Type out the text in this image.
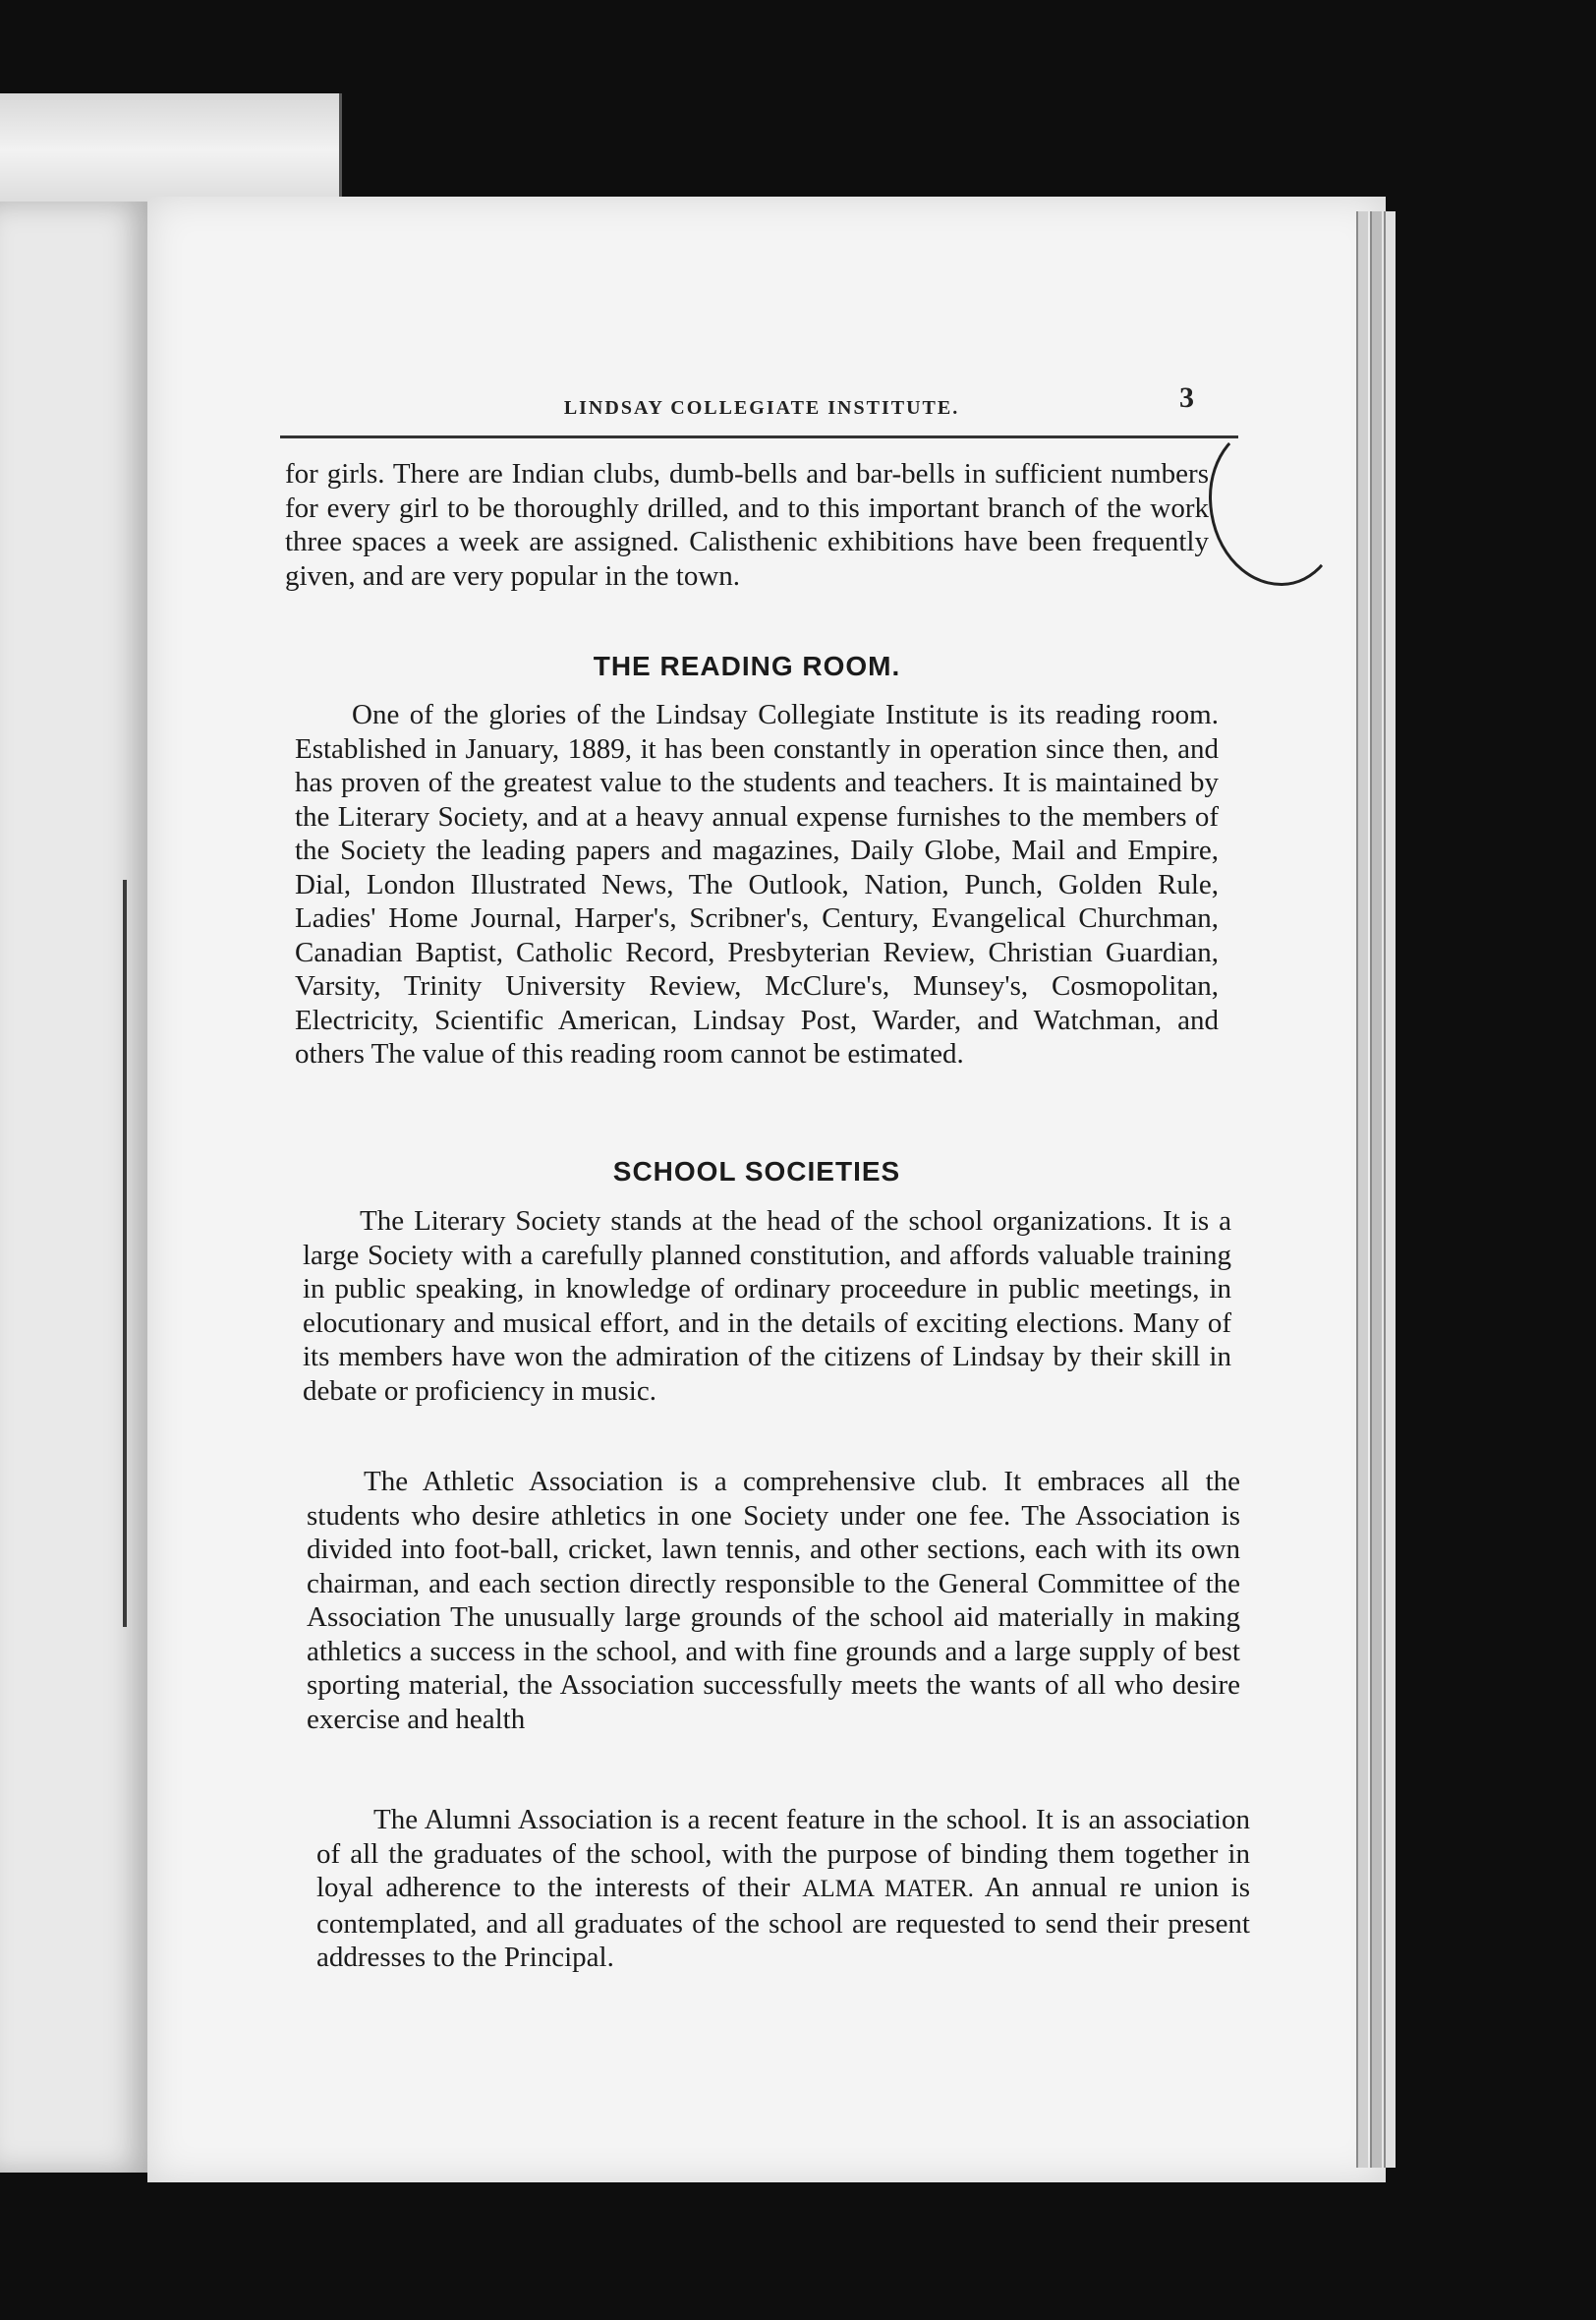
LINDSAY COLLEGIATE INSTITUTE.	3

for girls. There are Indian clubs, dumb-bells and bar-bells in sufficient numbers for every girl to be thoroughly drilled, and to this important branch of the work three spaces a week are assigned. Calisthenic exhibitions have been frequently given, and are very popular in the town.

THE READING ROOM.

One of the glories of the Lindsay Collegiate Institute is its reading room. Established in January, 1889, it has been constantly in operation since then, and has proven of the greatest value to the students and teachers. It is maintained by the Literary Society, and at a heavy annual expense furnishes to the members of the Society the leading papers and magazines, Daily Globe, Mail and Empire, Dial, London Illustrated News, The Outlook, Nation, Punch, Golden Rule, Ladies' Home Journal, Harper's, Scribner's, Century, Evangelical Churchman, Canadian Baptist, Catholic Record, Presbyterian Review, Christian Guardian, Varsity, Trinity University Review, McClure's, Munsey's, Cosmopolitan, Electricity, Scientific American, Lindsay Post, Warder, and Watchman, and others The value of this reading room cannot be estimated.

SCHOOL SOCIETIES

The Literary Society stands at the head of the school organizations. It is a large Society with a carefully planned constitution, and affords valuable training in public speaking, in knowledge of ordinary proceedure in public meetings, in elocutionary and musical effort, and in the details of exciting elections. Many of its members have won the admiration of the citizens of Lindsay by their skill in debate or proficiency in music.

The Athletic Association is a comprehensive club. It embraces all the students who desire athletics in one Society under one fee. The Association is divided into foot-ball, cricket, lawn tennis, and other sections, each with its own chairman, and each section directly responsible to the General Committee of the Association The unusually large grounds of the school aid materially in making athletics a success in the school, and with fine grounds and a large supply of best sporting material, the Association successfully meets the wants of all who desire exercise and health

The Alumni Association is a recent feature in the school. It is an association of all the graduates of the school, with the purpose of binding them together in loyal adherence to the interests of their ALMA MATER. An annual re union is contemplated, and all graduates of the school are requested to send their present addresses to the Principal.
